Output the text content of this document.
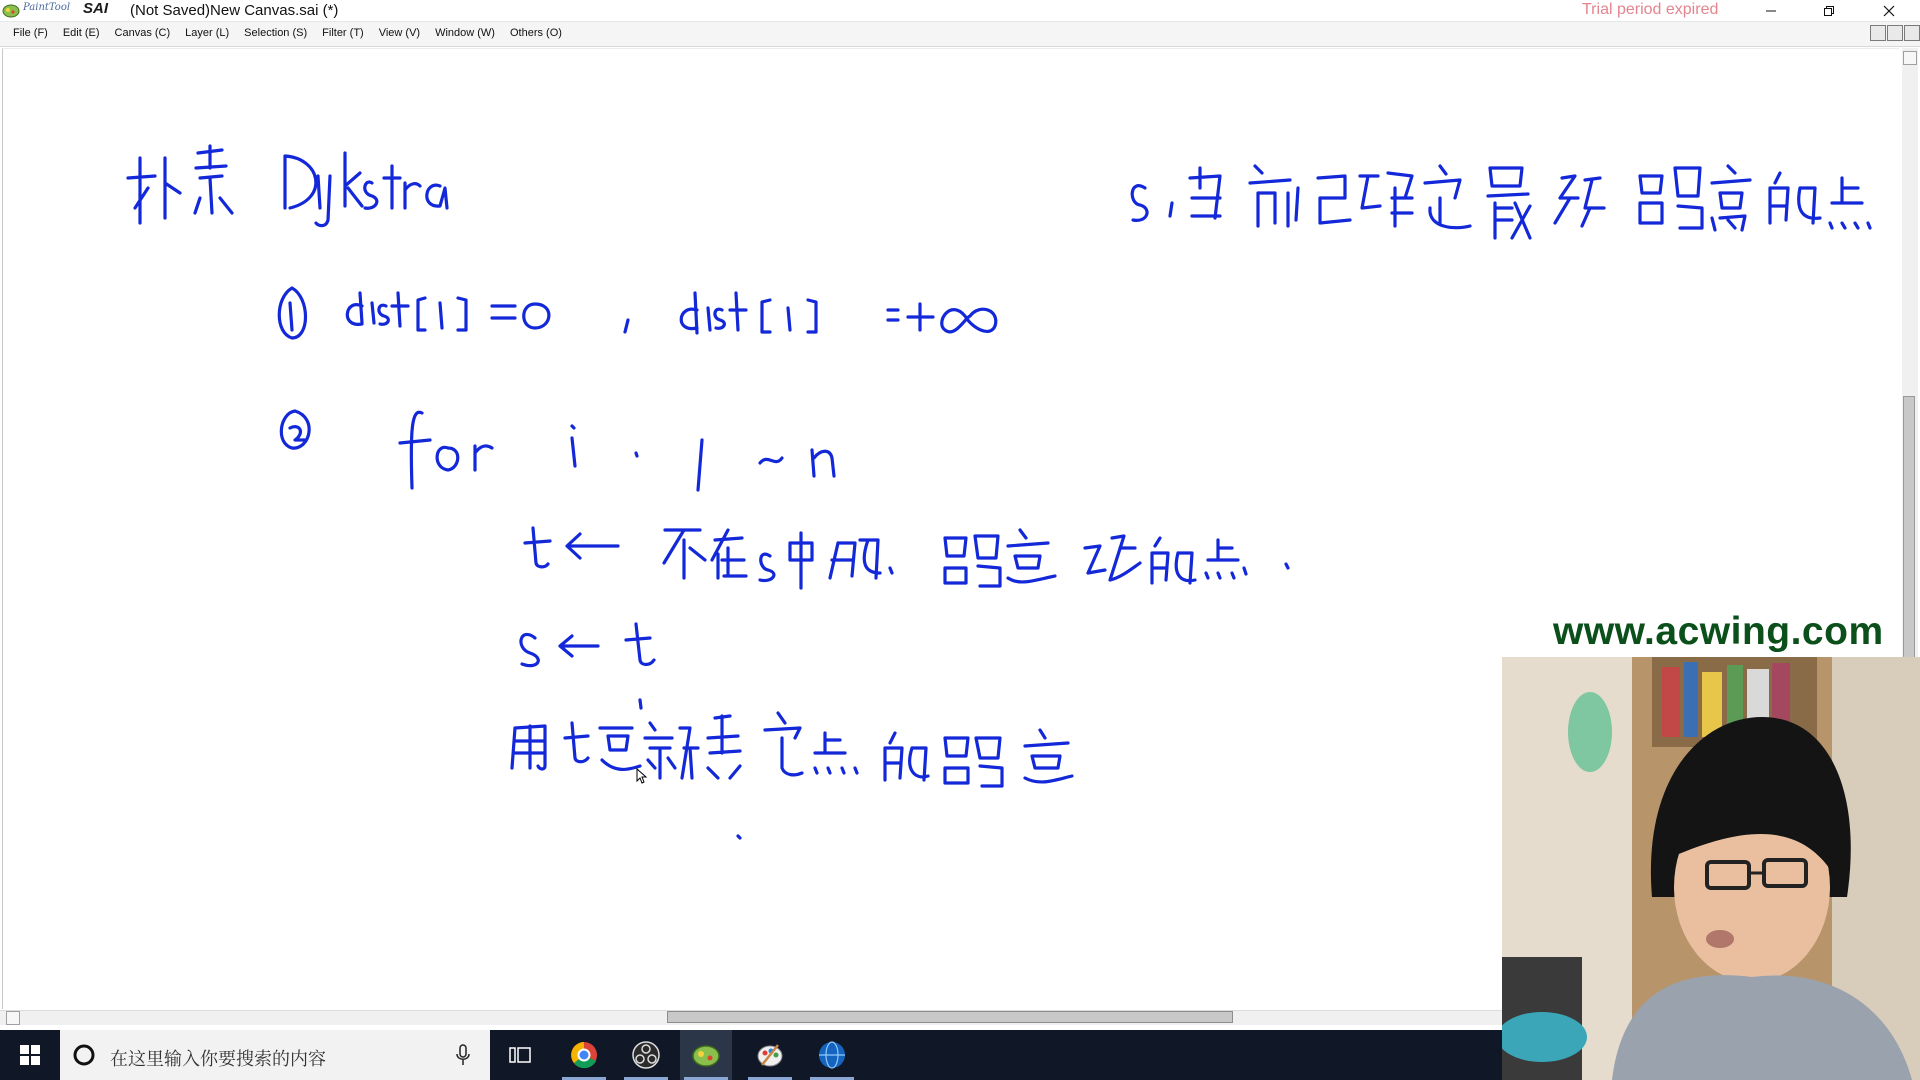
PaintTool SAI (Not Saved)New Canvas.sai (*)	Trial period expired
File (F)	Edit (E)	Canvas (C)	Layer (L)	Selection (S)	Filter (T)	View (V)	Window (W)	Others (O)
www.acwing.com
在这里输入你要搜索的内容
